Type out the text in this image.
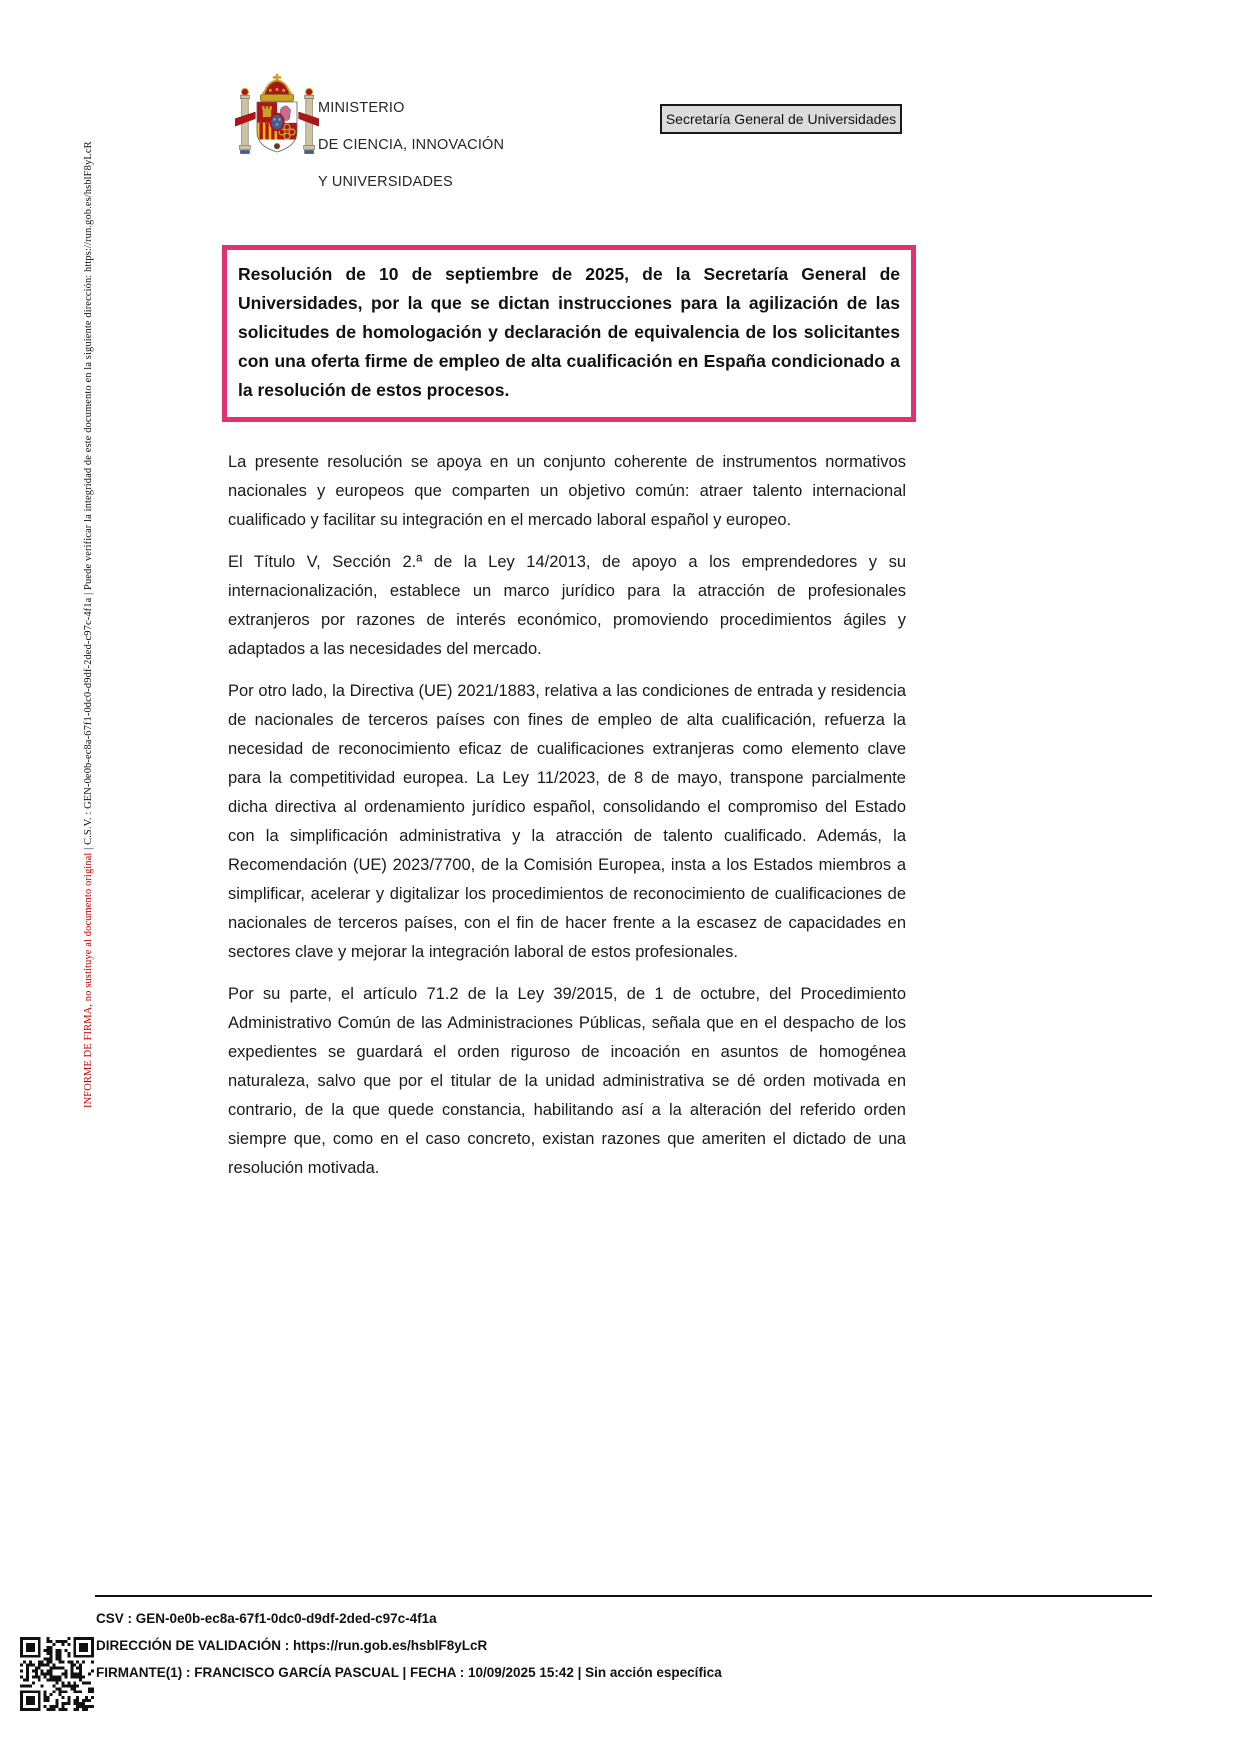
MINISTERIO

DE CIENCIA, INNOVACIÓN

Y UNIVERSIDADES
Secretaría General de Universidades
INFORME DE FIRMA, no sustituye al documento original | C.S.V. : GEN-0e0b-ec8a-67f1-0dc0-d9df-2ded-c97c-4f1a | Puede verificar la integridad de este documento en la siguiente dirección: https://run.gob.es/hsblF8yLcR	Resolución de 10 de septiembre de 2025, de la Secretaría General de Universidades, por la que se dictan instrucciones para la agilización de las solicitudes de homologación y declaración de equivalencia de los solicitantes con una oferta firme de empleo de alta cualificación en España condicionado a la resolución de estos procesos.

La presente resolución se apoya en un conjunto coherente de instrumentos normativos nacionales y europeos que comparten un objetivo común: atraer talento internacional cualificado y facilitar su integración en el mercado laboral español y europeo.

El Título V, Sección 2.ª de la Ley 14/2013, de apoyo a los emprendedores y su internacionalización, establece un marco jurídico para la atracción de profesionales extranjeros por razones de interés económico, promoviendo procedimientos ágiles y adaptados a las necesidades del mercado.

Por otro lado, la Directiva (UE) 2021/1883, relativa a las condiciones de entrada y residencia de nacionales de terceros países con fines de empleo de alta cualificación, refuerza la necesidad de reconocimiento eficaz de cualificaciones extranjeras como elemento clave para la competitividad europea. La Ley 11/2023, de 8 de mayo, transpone parcialmente dicha directiva al ordenamiento jurídico español, consolidando el compromiso del Estado con la simplificación administrativa y la atracción de talento cualificado. Además, la Recomendación (UE) 2023/7700, de la Comisión Europea, insta a los Estados miembros a simplificar, acelerar y digitalizar los procedimientos de reconocimiento de cualificaciones de nacionales de terceros países, con el fin de hacer frente a la escasez de capacidades en sectores clave y mejorar la integración laboral de estos profesionales.

Por su parte, el artículo 71.2 de la Ley 39/2015, de 1 de octubre, del Procedimiento Administrativo Común de las Administraciones Públicas, señala que en el despacho de los expedientes se guardará el orden riguroso de incoación en asuntos de homogénea naturaleza, salvo que por el titular de la unidad administrativa se dé orden motivada en contrario, de la que quede constancia, habilitando así a la alteración del referido orden siempre que, como en el caso concreto, existan razones que ameriten el dictado de una resolución motivada.

CSV : GEN-0e0b-ec8a-67f1-0dc0-d9df-2ded-c97c-4f1a
DIRECCIÓN DE VALIDACIÓN : https://run.gob.es/hsblF8yLcR
FIRMANTE(1) : FRANCISCO GARCÍA PASCUAL | FECHA : 10/09/2025 15:42 | Sin acción específica
